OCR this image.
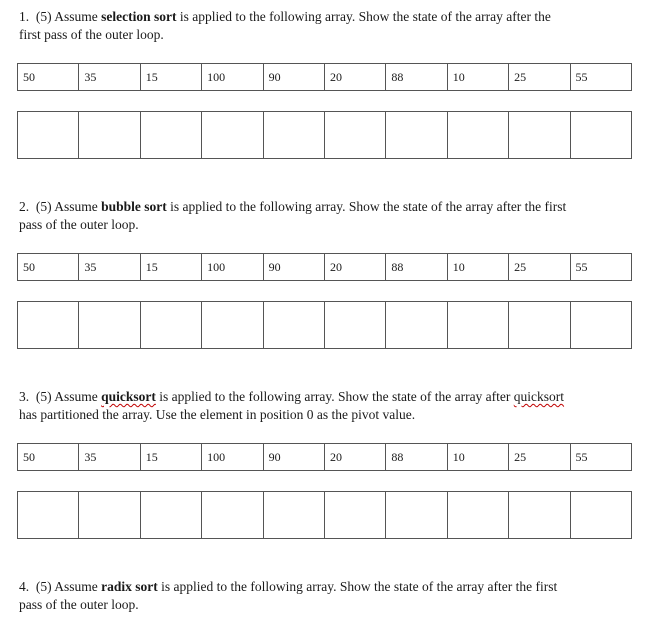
1. (5) Assume selection sort is applied to the following array. Show the state of the array after the
first pass of the outer loop.

50	35	15	100	90	20	88	10	25	55

2. (5) Assume bubble sort is applied to the following array. Show the state of the array after the first
pass of the outer loop.

50	35	15	100	90	20	88	10	25	55

3. (5) Assume quicksort is applied to the following array. Show the state of the array after quicksort
has partitioned the array. Use the element in position 0 as the pivot value.

50	35	15	100	90	20	88	10	25	55

4. (5) Assume radix sort is applied to the following array. Show the state of the array after the first
pass of the outer loop.
